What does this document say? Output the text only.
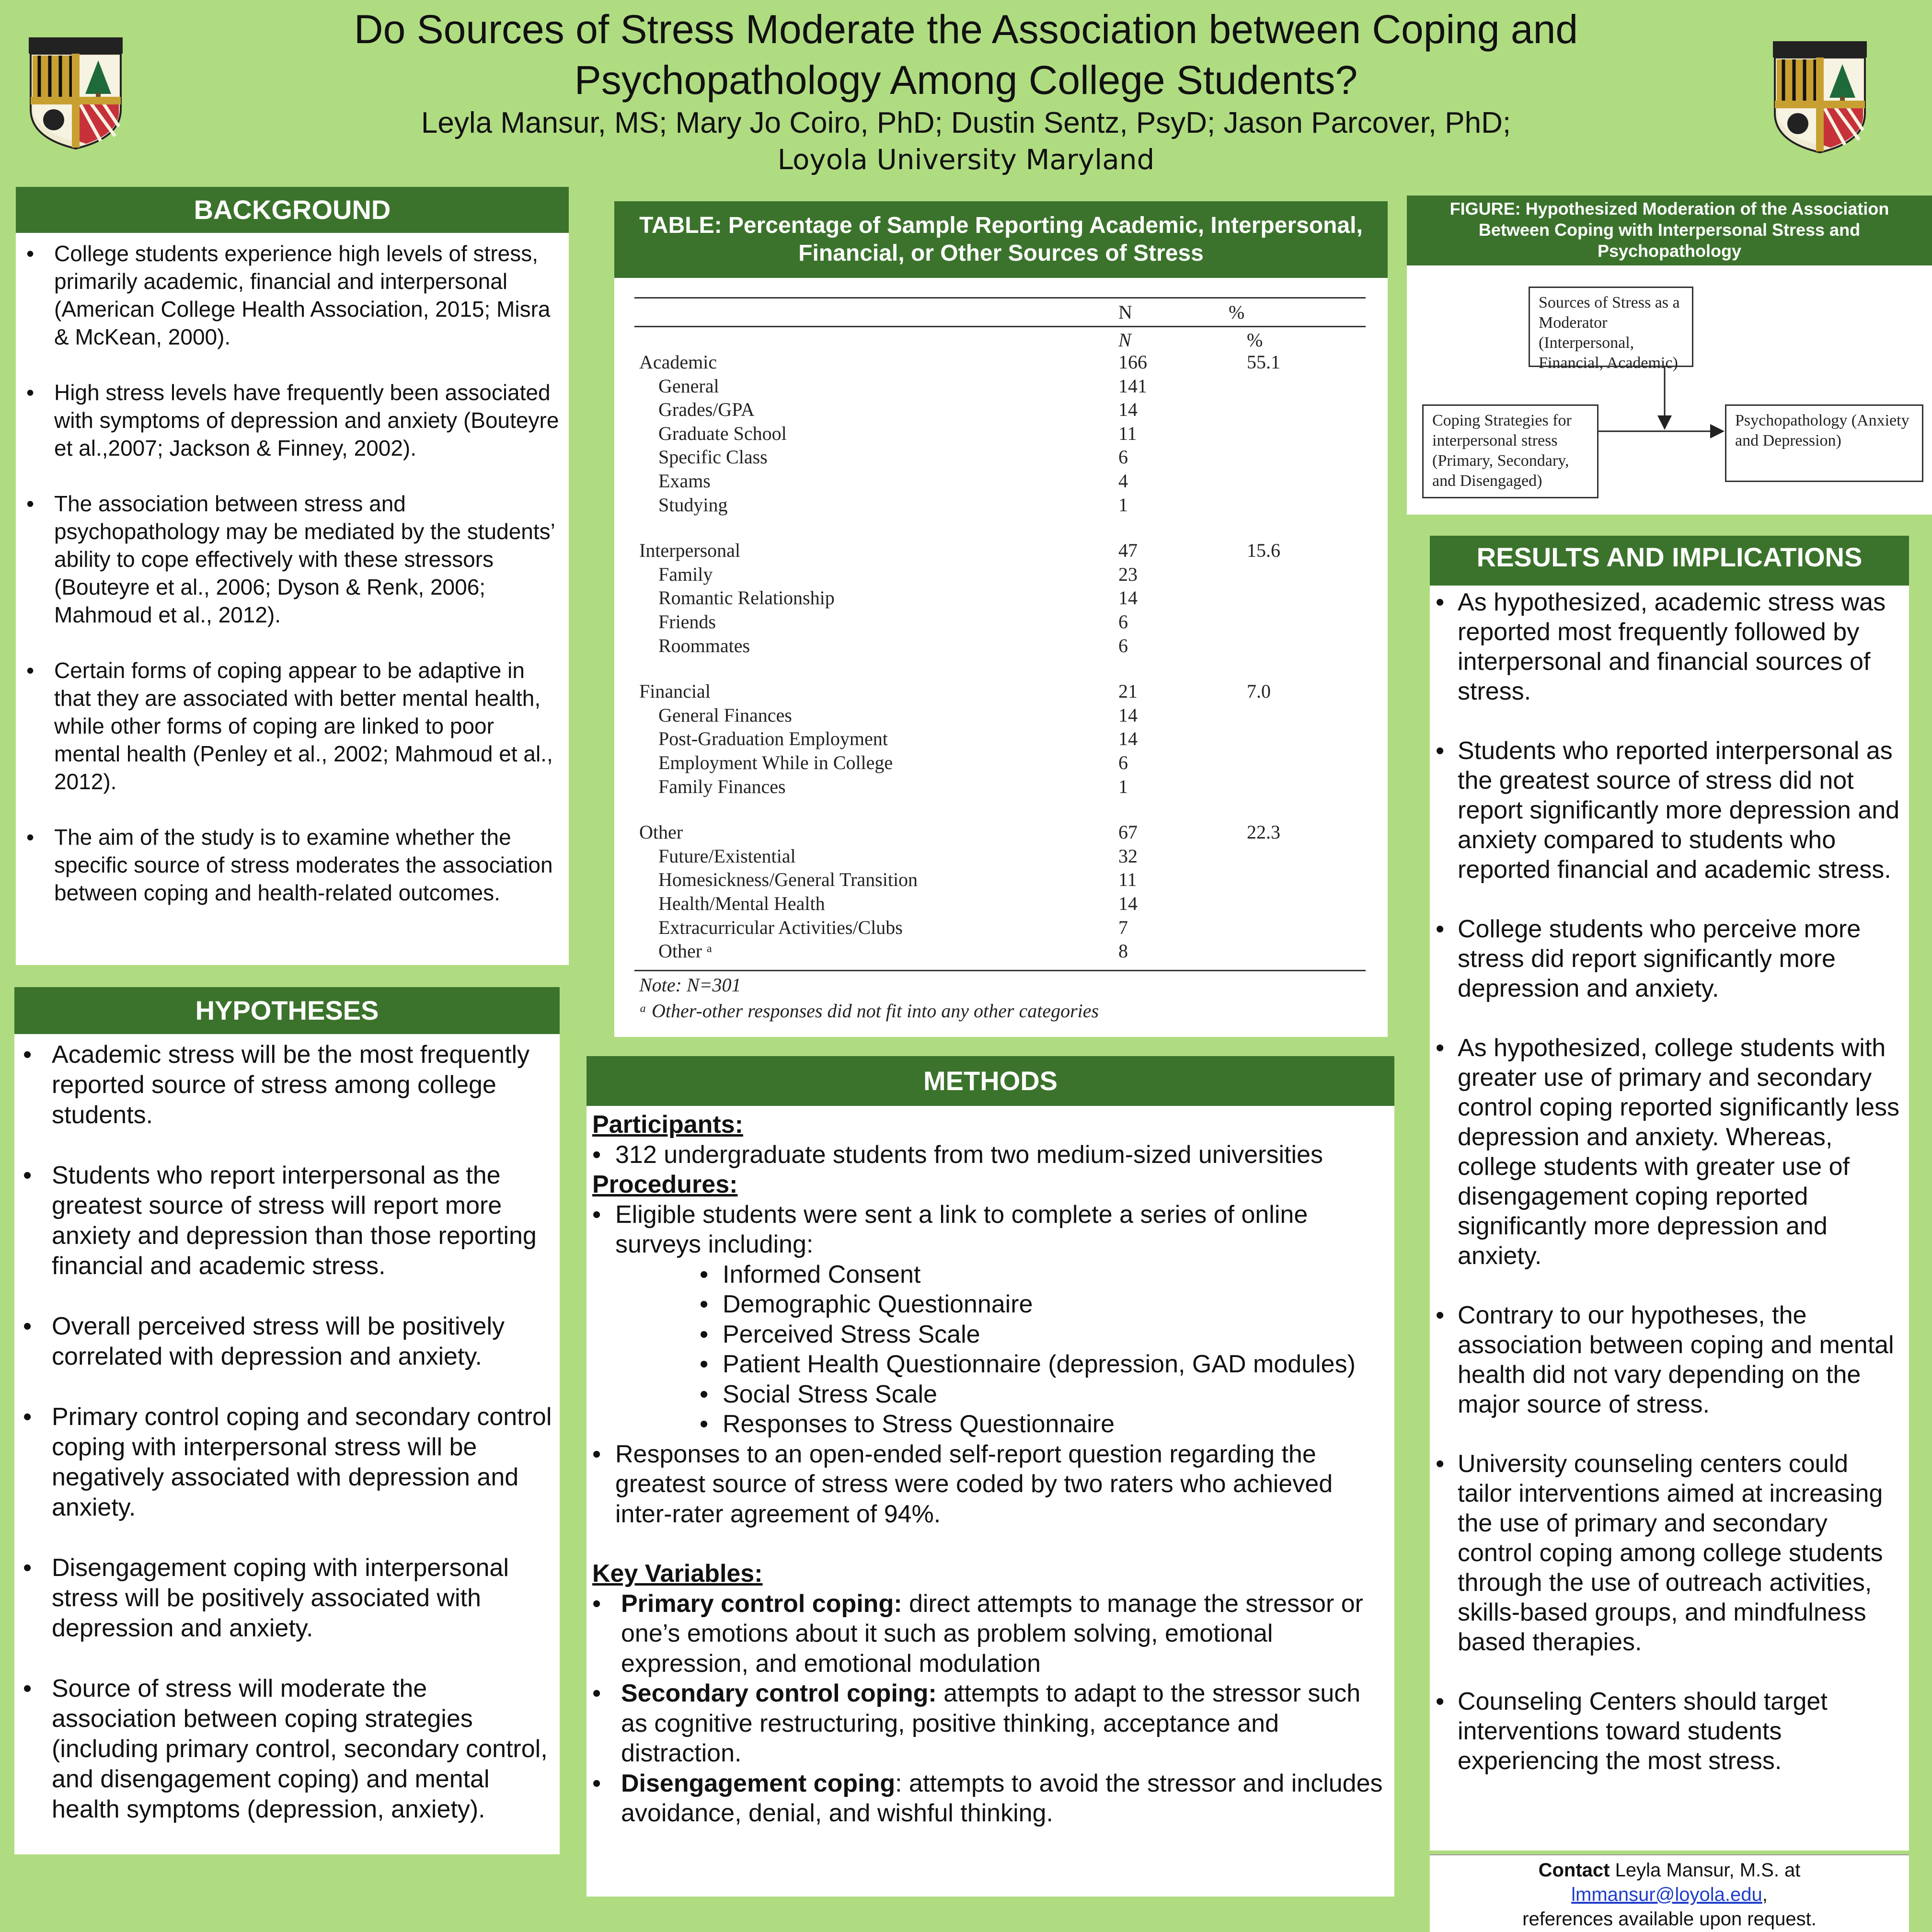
Do Sources of Stress Moderate the Association between Coping and
Psychopathology Among College Students?
Leyla Mansur, MS; Mary Jo Coiro, PhD; Dustin Sentz, PsyD; Jason Parcover, PhD;
Loyola University Maryland
BACKGROUND
• College students experience high levels of stress, primarily academic, financial and interpersonal (American College Health Association, 2015; Misra & McKean, 2000).
• High stress levels have frequently been associated with symptoms of depression and anxiety (Bouteyre et al.,2007; Jackson & Finney, 2002).
• The association between stress and psychopathology may be mediated by the students’ ability to cope effectively with these stressors (Bouteyre et al., 2006; Dyson & Renk, 2006; Mahmoud et al., 2012).
• Certain forms of coping appear to be adaptive in that they are associated with better mental health, while other forms of coping are linked to poor mental health (Penley et al., 2002; Mahmoud et al., 2012).
• The aim of the study is to examine whether the specific source of stress moderates the association between coping and health-related outcomes.
HYPOTHESES
• Academic stress will be the most frequently reported source of stress among college students.
• Students who report interpersonal as the greatest source of stress will report more anxiety and depression than those reporting financial and academic stress.
• Overall perceived stress will be positively correlated with depression and anxiety.
• Primary control coping and secondary control coping with interpersonal stress will be negatively associated with depression and anxiety.
• Disengagement coping with interpersonal stress will be positively associated with depression and anxiety.
• Source of stress will moderate the association between coping strategies (including primary control, secondary control, and disengagement coping) and mental health symptoms (depression, anxiety).
TABLE: Percentage of Sample Reporting Academic, Interpersonal,
Financial, or Other Sources of Stress
N	%
N	%
Academic	166	55.1
General	141
Grades/GPA	14
Graduate School	11
Specific Class	6
Exams	4
Studying	1
Interpersonal	47	15.6
Family	23
Romantic Relationship	14
Friends	6
Roommates	6
Financial	21	7.0
General Finances	14
Post-Graduation Employment	14
Employment While in College	6
Family Finances	1
Other	67	22.3
Future/Existential	32
Homesickness/General Transition	11
Health/Mental Health	14
Extracurricular Activities/Clubs	7
Other ᵃ	8
Note: N=301
ᵃ Other-other responses did not fit into any other categories
METHODS
Participants:
• 312 undergraduate students from two medium-sized universities
Procedures:
• Eligible students were sent a link to complete a series of online surveys including:
• Informed Consent
• Demographic Questionnaire
• Perceived Stress Scale
• Patient Health Questionnaire (depression, GAD modules)
• Social Stress Scale
• Responses to Stress Questionnaire
• Responses to an open-ended self-report question regarding the greatest source of stress were coded by two raters who achieved inter-rater agreement of 94%.
Key Variables:
• Primary control coping: direct attempts to manage the stressor or one’s emotions about it such as problem solving, emotional expression, and emotional modulation
• Secondary control coping: attempts to adapt to the stressor such as cognitive restructuring, positive thinking, acceptance and distraction.
• Disengagement coping: attempts to avoid the stressor and includes avoidance, denial, and wishful thinking.
FIGURE: Hypothesized Moderation of the Association Between Coping with Interpersonal Stress and Psychopathology
Sources of Stress as a Moderator (Interpersonal, Financial, Academic)
Coping Strategies for interpersonal stress (Primary, Secondary, and Disengaged)
Psychopathology (Anxiety and Depression)
RESULTS AND IMPLICATIONS
• As hypothesized, academic stress was reported most frequently followed by interpersonal and financial sources of stress.
• Students who reported interpersonal as the greatest source of stress did not report significantly more depression and anxiety compared to students who reported financial and academic stress.
• College students who perceive more stress did report significantly more depression and anxiety.
• As hypothesized, college students with greater use of primary and secondary control coping reported significantly less depression and anxiety. Whereas, college students with greater use of disengagement coping reported significantly more depression and anxiety.
• Contrary to our hypotheses, the association between coping and mental health did not vary depending on the major source of stress.
• University counseling centers could tailor interventions aimed at increasing the use of primary and secondary control coping among college students through the use of outreach activities, skills-based groups, and mindfulness based therapies.
• Counseling Centers should target interventions toward students experiencing the most stress.
Contact Leyla Mansur, M.S. at
lmmansur@loyola.edu,
references available upon request.
